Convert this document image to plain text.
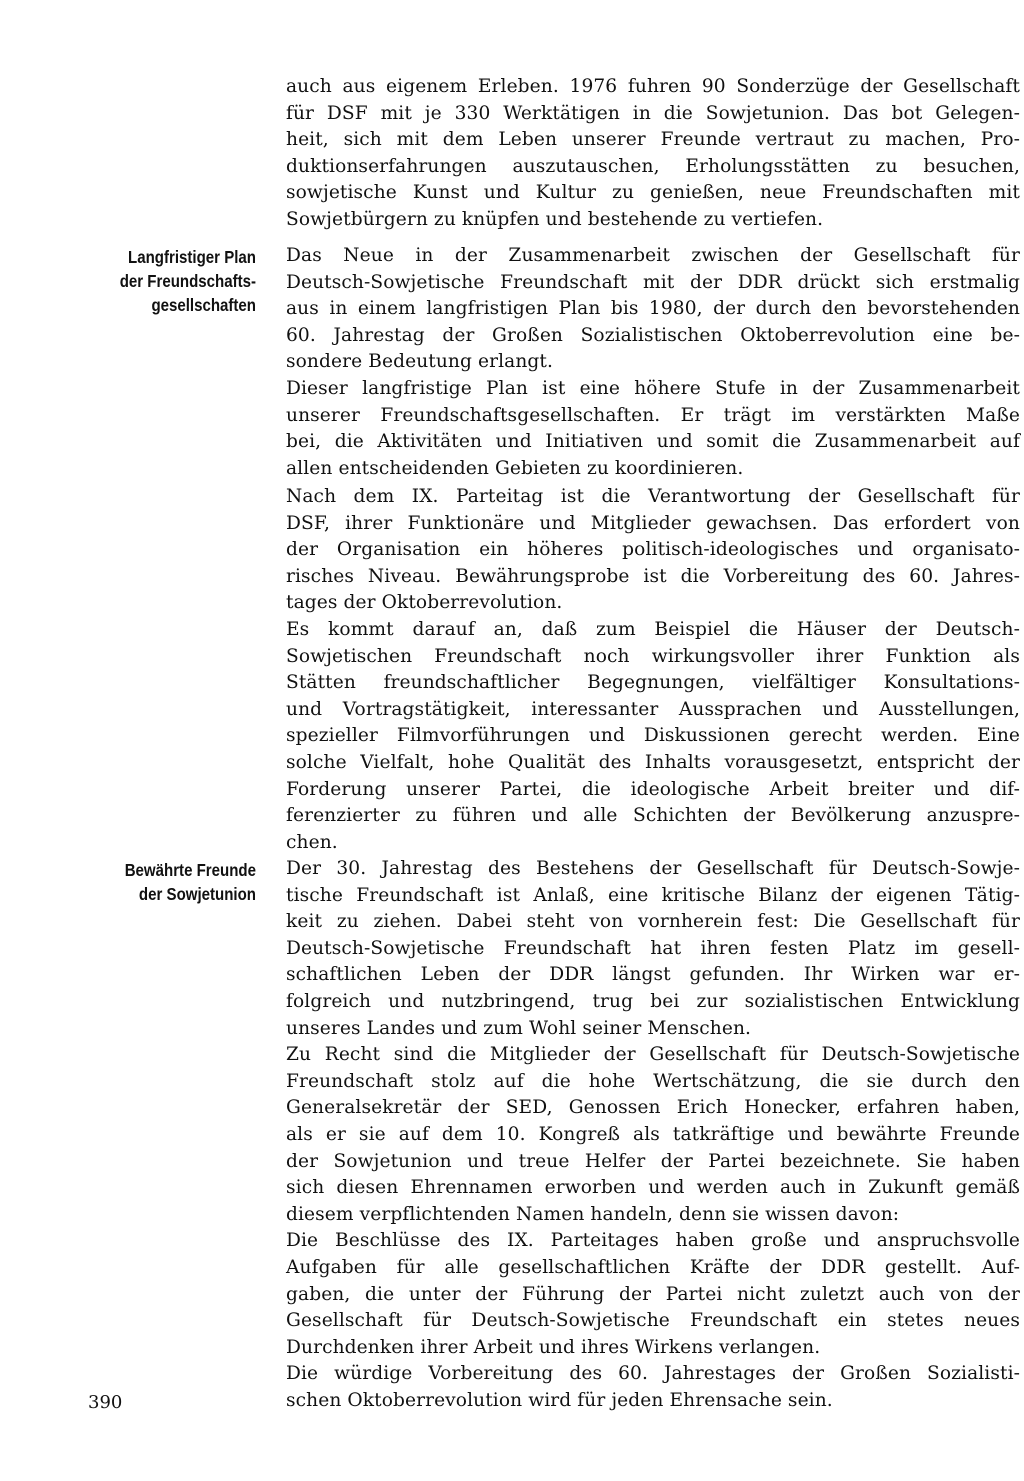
auch aus eigenem Erleben. 1976 fuhren 90 Sonderzüge der Gesellschaft
für DSF mit je 330 Werktätigen in die Sowjetunion. Das bot Gelegen-
heit, sich mit dem Leben unserer Freunde vertraut zu machen, Pro-
duktionserfahrungen auszutauschen, Erholungsstätten zu besuchen,
sowjetische Kunst und Kultur zu genießen, neue Freundschaften mit
Sowjetbürgern zu knüpfen und bestehende zu vertiefen.
Langfristiger Plan
der Freundschafts-
gesellschaften
Das Neue in der Zusammenarbeit zwischen der Gesellschaft für
Deutsch-Sowjetische Freundschaft mit der DDR drückt sich erstmalig
aus in einem langfristigen Plan bis 1980, der durch den bevorstehenden
60. Jahrestag der Großen Sozialistischen Oktoberrevolution eine be-
sondere Bedeutung erlangt.
Dieser langfristige Plan ist eine höhere Stufe in der Zusammenarbeit
unserer Freundschaftsgesellschaften. Er trägt im verstärkten Maße
bei, die Aktivitäten und Initiativen und somit die Zusammenarbeit auf
allen entscheidenden Gebieten zu koordinieren.
Nach dem IX. Parteitag ist die Verantwortung der Gesellschaft für
DSF, ihrer Funktionäre und Mitglieder gewachsen. Das erfordert von
der Organisation ein höheres politisch-ideologisches und organisato-
risches Niveau. Bewährungsprobe ist die Vorbereitung des 60. Jahres-
tages der Oktoberrevolution.
Es kommt darauf an, daß zum Beispiel die Häuser der Deutsch-
Sowjetischen Freundschaft noch wirkungsvoller ihrer Funktion als
Stätten freundschaftlicher Begegnungen, vielfältiger Konsultations-
und Vortragstätigkeit, interessanter Aussprachen und Ausstellungen,
spezieller Filmvorführungen und Diskussionen gerecht werden. Eine
solche Vielfalt, hohe Qualität des Inhalts vorausgesetzt, entspricht der
Forderung unserer Partei, die ideologische Arbeit breiter und dif-
ferenzierter zu führen und alle Schichten der Bevölkerung anzuspre-
chen.
Bewährte Freunde
der Sowjetunion
Der 30. Jahrestag des Bestehens der Gesellschaft für Deutsch-Sowje-
tische Freundschaft ist Anlaß, eine kritische Bilanz der eigenen Tätig-
keit zu ziehen. Dabei steht von vornherein fest: Die Gesellschaft für
Deutsch-Sowjetische Freundschaft hat ihren festen Platz im gesell-
schaftlichen Leben der DDR längst gefunden. Ihr Wirken war er-
folgreich und nutzbringend, trug bei zur sozialistischen Entwicklung
unseres Landes und zum Wohl seiner Menschen.
Zu Recht sind die Mitglieder der Gesellschaft für Deutsch-Sowjetische
Freundschaft stolz auf die hohe Wertschätzung, die sie durch den
Generalsekretär der SED, Genossen Erich Honecker, erfahren haben,
als er sie auf dem 10. Kongreß als tatkräftige und bewährte Freunde
der Sowjetunion und treue Helfer der Partei bezeichnete. Sie haben
sich diesen Ehrennamen erworben und werden auch in Zukunft gemäß
diesem verpflichtenden Namen handeln, denn sie wissen davon:
Die Beschlüsse des IX. Parteitages haben große und anspruchsvolle
Aufgaben für alle gesellschaftlichen Kräfte der DDR gestellt. Auf-
gaben, die unter der Führung der Partei nicht zuletzt auch von der
Gesellschaft für Deutsch-Sowjetische Freundschaft ein stetes neues
Durchdenken ihrer Arbeit und ihres Wirkens verlangen.
Die würdige Vorbereitung des 60. Jahrestages der Großen Sozialisti-
schen Oktoberrevolution wird für jeden Ehrensache sein.
390
